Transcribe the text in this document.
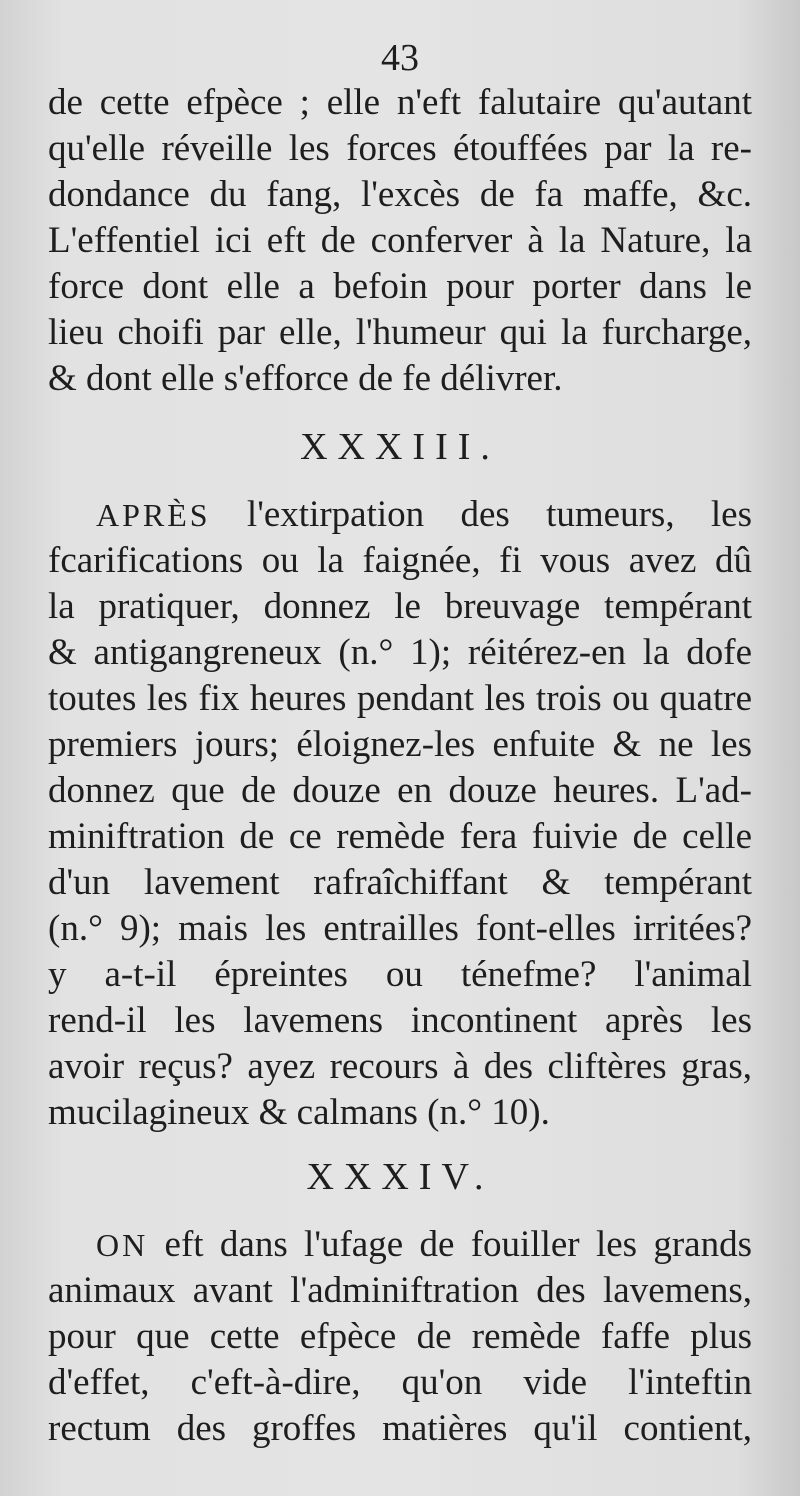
43
de cette efpèce ; elle n'eft falutaire qu'autant
qu'elle réveille les forces étouffées par la re-
dondance du fang, l'excès de fa maffe, &c.
L'effentiel ici eft de conferver à la Nature, la
force dont elle a befoin pour porter dans le
lieu choifi par elle, l'humeur qui la furcharge,
& dont elle s'efforce de fe délivrer.
XXXIII.
APRÈS l'extirpation des tumeurs, les
fcarifications ou la faignée, fi vous avez dû
la pratiquer, donnez le breuvage tempérant
& antigangreneux (n.° 1); réitérez-en la dofe
toutes les fix heures pendant les trois ou quatre
premiers jours; éloignez-les enfuite & ne les
donnez que de douze en douze heures. L'ad-
miniftration de ce remède fera fuivie de celle
d'un lavement rafraîchiffant & tempérant
(n.° 9); mais les entrailles font-elles irritées?
y a-t-il épreintes ou ténefme? l'animal
rend-il les lavemens incontinent après les
avoir reçus? ayez recours à des cliftères gras,
mucilagineux & calmans (n.° 10).
XXXIV.
ON eft dans l'ufage de fouiller les grands
animaux avant l'adminiftration des lavemens,
pour que cette efpèce de remède faffe plus
d'effet, c'eft-à-dire, qu'on vide l'inteftin
rectum des groffes matières qu'il contient,
